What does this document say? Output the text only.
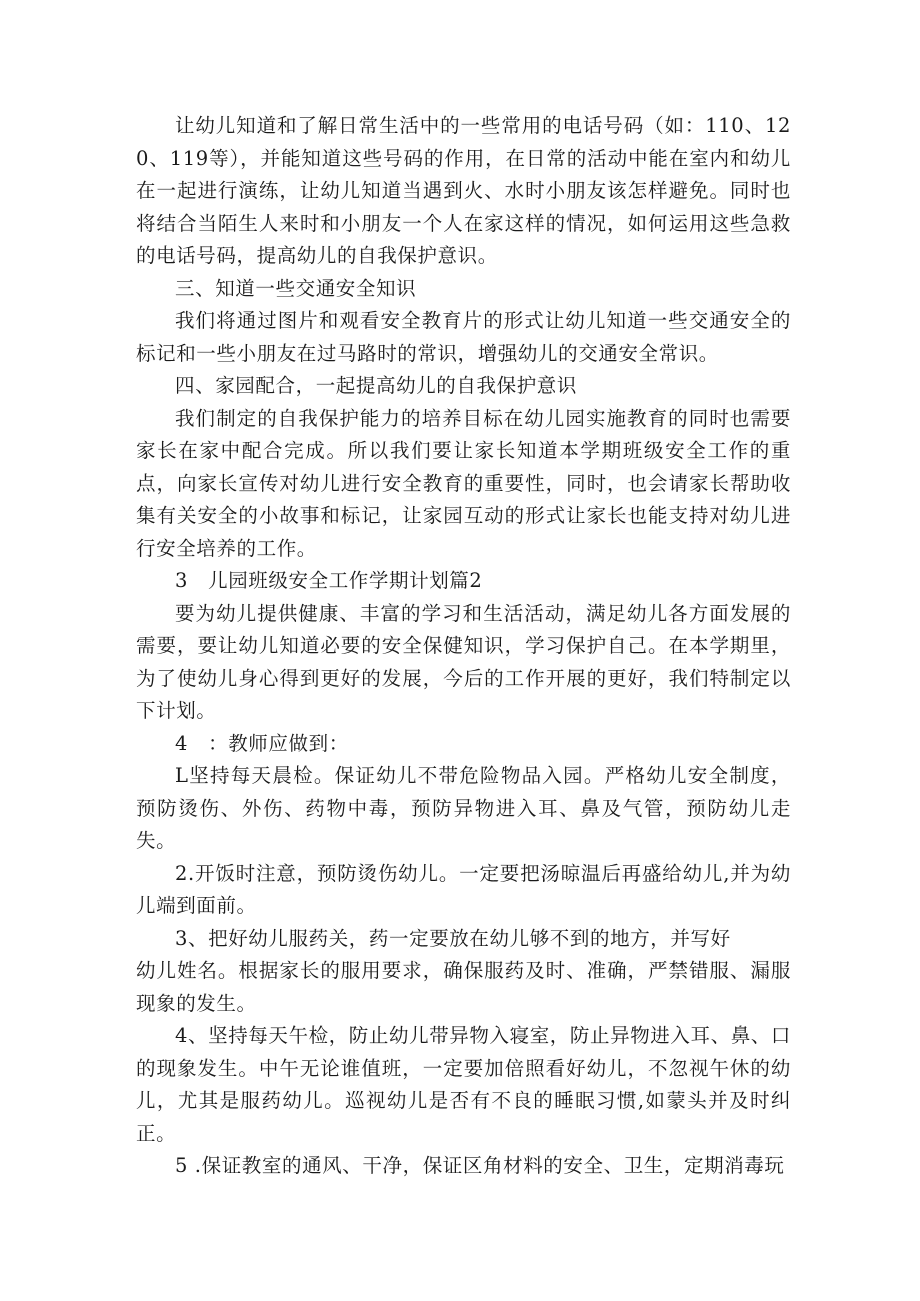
让幼儿知道和了解日常生活中的一些常用的电话号码（如：110、120、119等），并能知道这些号码的作用，在日常的活动中能在室内和幼儿在一起进行演练，让幼儿知道当遇到火、水时小朋友该怎样避免。同时也将结合当陌生人来时和小朋友一个人在家这样的情况，如何运用这些急救的电话号码，提高幼儿的自我保护意识。

三、知道一些交通安全知识

我们将通过图片和观看安全教育片的形式让幼儿知道一些交通安全的标记和一些小朋友在过马路时的常识，增强幼儿的交通安全常识。

四、家园配合，一起提高幼儿的自我保护意识

我们制定的自我保护能力的培养目标在幼儿园实施教育的同时也需要家长在家中配合完成。所以我们要让家长知道本学期班级安全工作的重点，向家长宣传对幼儿进行安全教育的重要性，同时，也会请家长帮助收集有关安全的小故事和标记，让家园互动的形式让家长也能支持对幼儿进行安全培养的工作。

3　儿园班级安全工作学期计划篇2

要为幼儿提供健康、丰富的学习和生活活动，满足幼儿各方面发展的需要，要让幼儿知道必要的安全保健知识，学习保护自己。在本学期里，为了使幼儿身心得到更好的发展，今后的工作开展的更好，我们特制定以下计划。

4　：教师应做到：

L坚持每天晨检。保证幼儿不带危险物品入园。严格幼儿安全制度，预防烫伤、外伤、药物中毒，预防异物进入耳、鼻及气管，预防幼儿走失。

2.开饭时注意，预防烫伤幼儿。一定要把汤晾温后再盛给幼儿,并为幼儿端到面前。

3、把好幼儿服药关，药一定要放在幼儿够不到的地方，并写好

幼儿姓名。根据家长的服用要求，确保服药及时、准确，严禁错服、漏服现象的发生。

4、坚持每天午检，防止幼儿带异物入寝室，防止异物进入耳、鼻、口的现象发生。中午无论谁值班，一定要加倍照看好幼儿，不忽视午休的幼儿，尤其是服药幼儿。巡视幼儿是否有不良的睡眠习惯,如蒙头并及时纠正。

5 .保证教室的通风、干净，保证区角材料的安全、卫生，定期消毒玩
